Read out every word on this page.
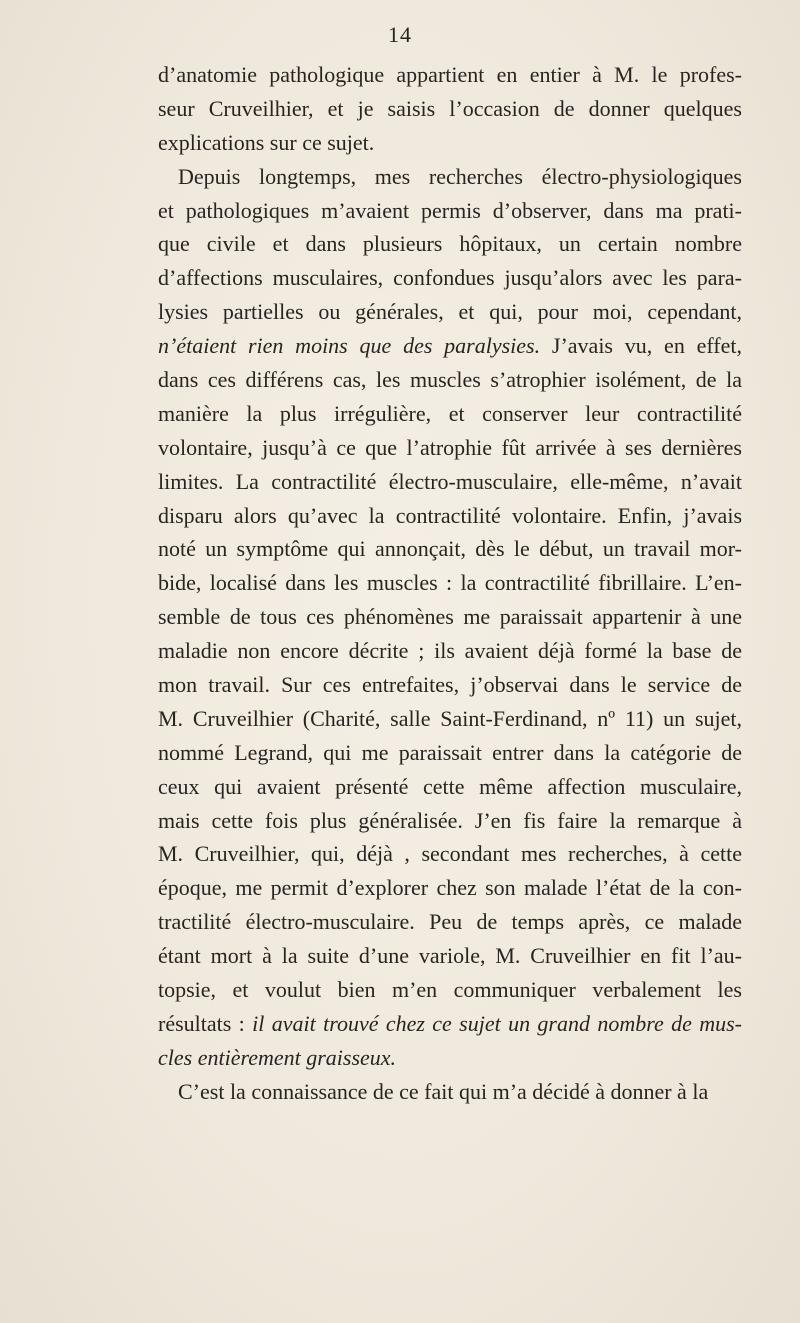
14
d’anatomie pathologique appartient en entier à M. le profes-
seur Cruveilhier, et je saisis l’occasion de donner quelques
explications sur ce sujet.
Depuis longtemps, mes recherches électro-physiologiques
et pathologiques m’avaient permis d’observer, dans ma prati-
que civile et dans plusieurs hôpitaux, un certain nombre
d’affections musculaires, confondues jusqu’alors avec les para-
lysies partielles ou générales, et qui, pour moi, cependant,
n’étaient rien moins que des paralysies. J’avais vu, en effet,
dans ces différens cas, les muscles s’atrophier isolément, de la
manière la plus irrégulière, et conserver leur contractilité
volontaire, jusqu’à ce que l’atrophie fût arrivée à ses dernières
limites. La contractilité électro-musculaire, elle-même, n’avait
disparu alors qu’avec la contractilité volontaire. Enfin, j’avais
noté un symptôme qui annonçait, dès le début, un travail mor-
bide, localisé dans les muscles : la contractilité fibrillaire. L’en-
semble de tous ces phénomènes me paraissait appartenir à une
maladie non encore décrite ; ils avaient déjà formé la base de
mon travail. Sur ces entrefaites, j’observai dans le service de
M. Cruveilhier (Charité, salle Saint-Ferdinand, nº 11) un sujet,
nommé Legrand, qui me paraissait entrer dans la catégorie de
ceux qui avaient présenté cette même affection musculaire,
mais cette fois plus généralisée. J’en fis faire la remarque à
M. Cruveilhier, qui, déjà , secondant mes recherches, à cette
époque, me permit d’explorer chez son malade l’état de la con-
tractilité électro-musculaire. Peu de temps après, ce malade
étant mort à la suite d’une variole, M. Cruveilhier en fit l’au-
topsie, et voulut bien m’en communiquer verbalement les
résultats : il avait trouvé chez ce sujet un grand nombre de mus-
cles entièrement graisseux.
C’est la connaissance de ce fait qui m’a décidé à donner à la
